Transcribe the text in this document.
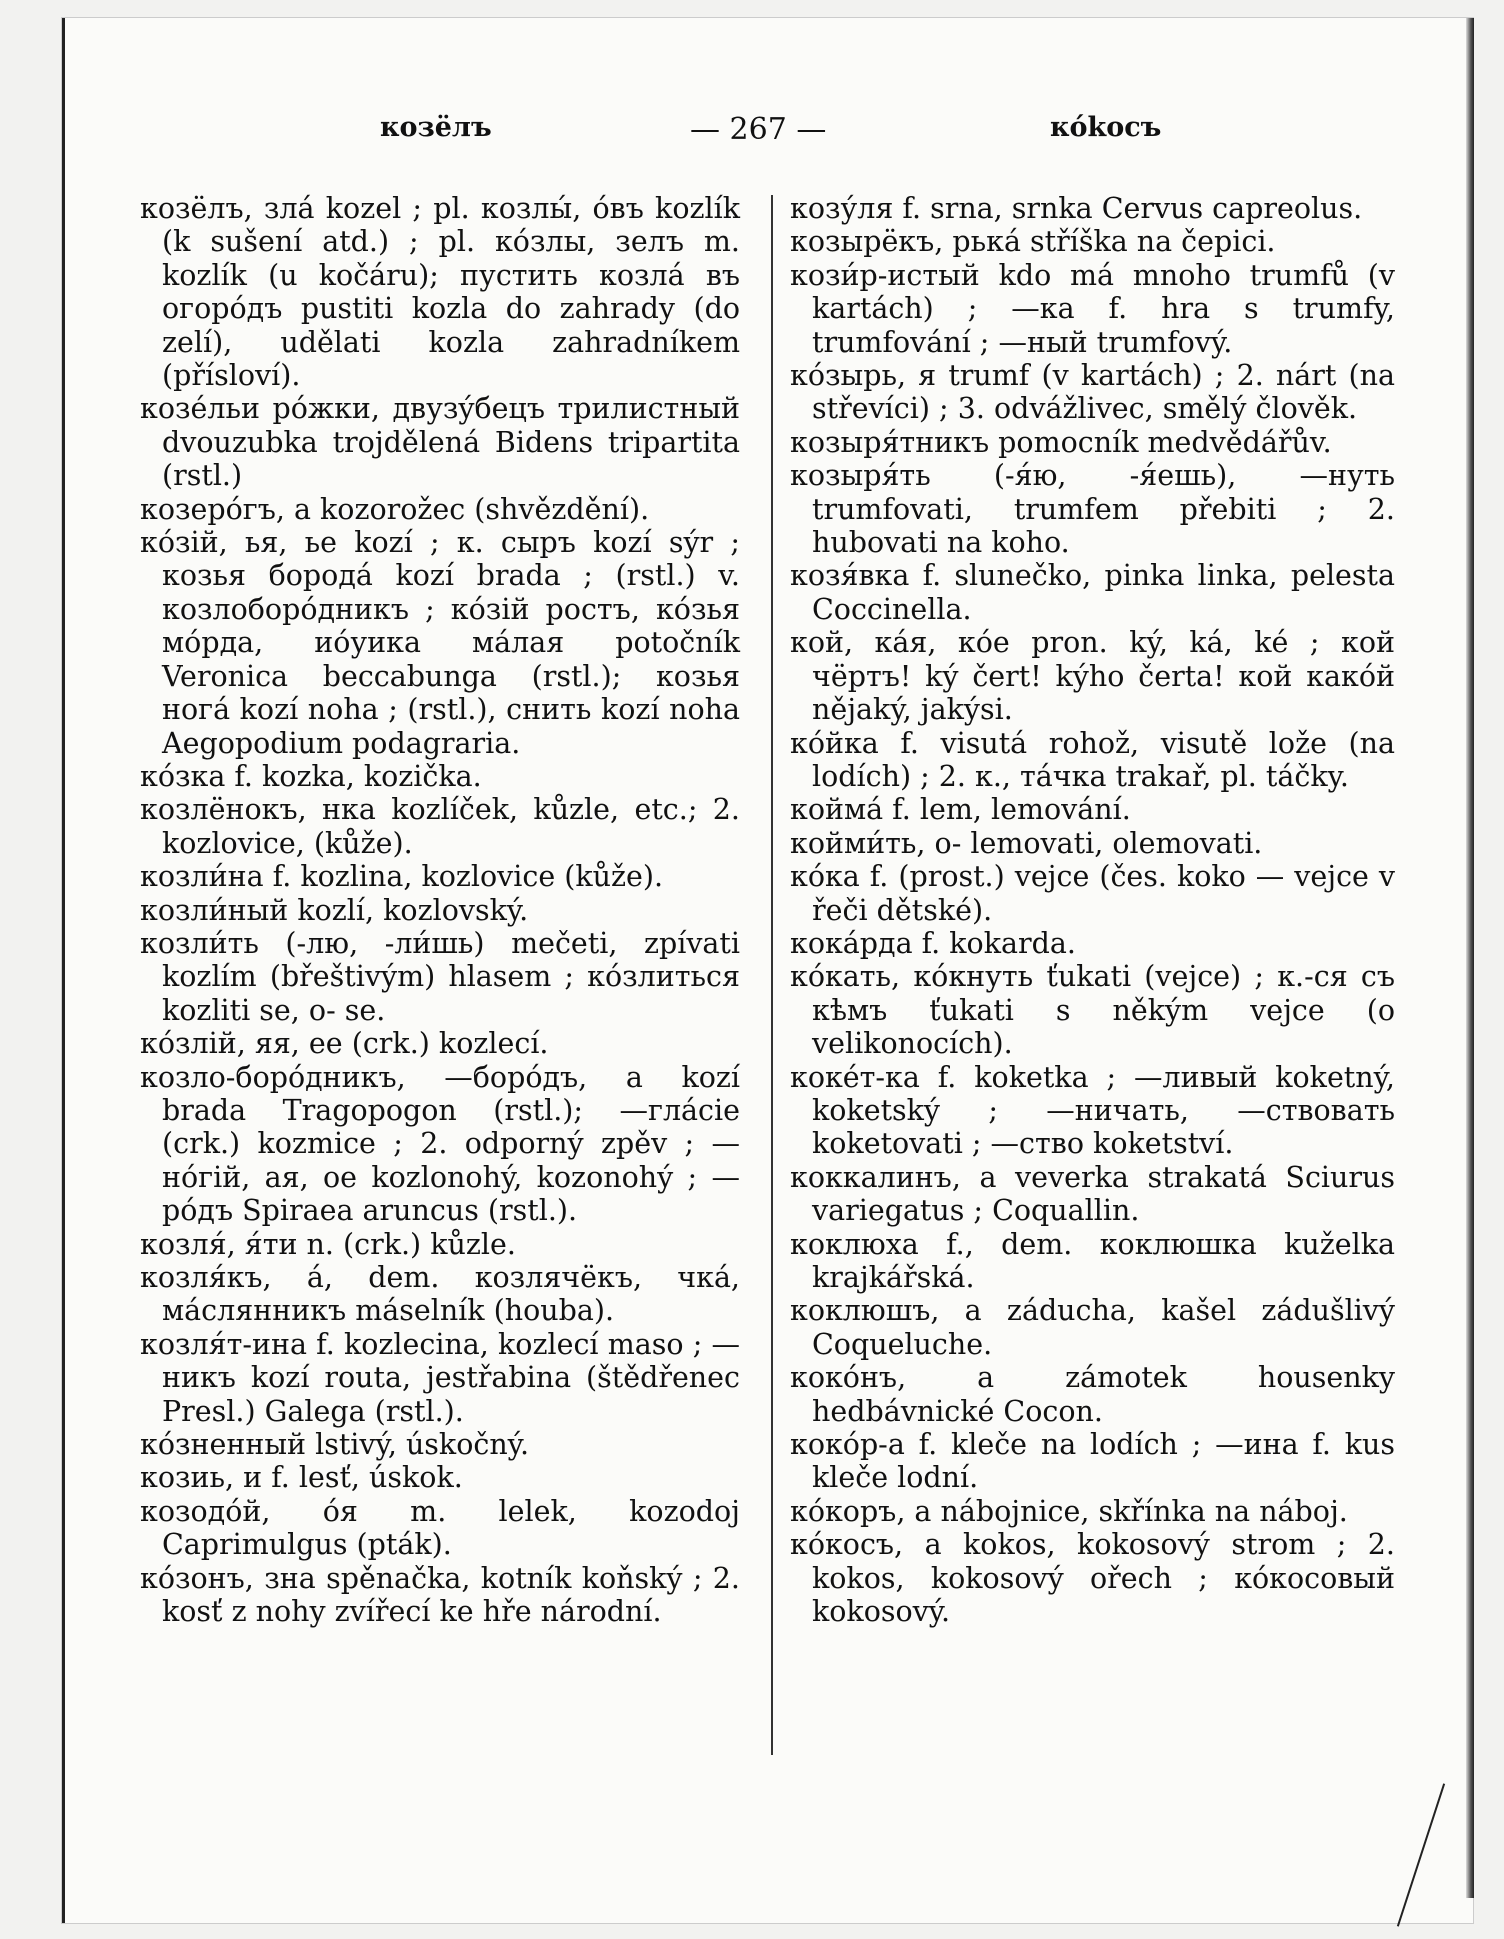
козёлъ	— 267 —	кókocъ

козёлъ, злá kozel ; pl. козлы́, óвъ kozlík (k sušení atd.) ; pl. кóзлы, зелъ m. kozlík (u kočáru); пустить козлá въ огорóдъ pustiti kozla do zahrady (do zelí), udělati kozla zahradníkem (přísloví).

козéльи рóжки, двузýбецъ трилистный dvouzubka trojdělená Bidens tripartita (rstl.)

козерóгъ, а kozorožec (shvězdění).

кóзій, ья, ье kozí ; к. сыръ kozí sýr ; козья бородá kozí brada ; (rstl.) v. козлобopóдникъ ; кóзій ростъ, кóзья мóрда, иóуика мáлая potočník Veronica beccabunga (rstl.); козья ногá kozí noha ; (rstl.), снить kozí noha Aegopodium podagraria.

кóзка f. kozka, kozička.

козлёнокъ, нка kozlíček, kůzle, etc.; 2. kozlovice, (kůže).

козли́на f. kozlina, kozlovice (kůže).

козли́ный kozlí, kozlovský.

козли́ть (-лю, -ли́шь) mečeti, zpívati kozlím (břeštivým) hlasem ; кóзлиться kozliti se, o- se.

кóзлій, яя, ее (crk.) kozlecí.

козло-борóдникъ, —борóдъ, a kozí brada Tragopogon (rstl.); —глáсіе (crk.) kozmice ; 2. odporný zpěv ; —нóгій, ая, ое kozlonohý, kozonohý ; —рóдъ Spiraea aruncus (rstl.).

козля́, я́ти n. (crk.) kůzle.

козля́къ, á, dem. козлячёкъ, чкá, мáслянникъ máselník (houba).

козля́т-ина f. kozlecina, kozlecí maso ; —никъ kozí routa, jestřabina (štědřenec Presl.) Galega (rstl.).

кóзненный lstivý, úskočný.

козиь, и f. lesť, úskok.

козодóй, óя m. lelek, kozodoj Caprimulgus (pták).

кóзонъ, зна spěnačka, kotník koňský ; 2. kosť z nohy zvířecí ke hře národní.

козу́ля f. srna, srnka Cervus capreolus.

козырёкъ, рькá stříška na čepici.

кози́р-истый kdo má mnoho trumfů (v kartách) ; —ка f. hra s trumfy, trumfování ; —ный trumfový.

кóзырь, я trumf (v kartách) ; 2. nárt (na střevíci) ; 3. odvážlivec, smělý člověk.

козыря́тникъ pomocník medvědářův.

козыря́ть (-я́ю, -я́ешь), —нуть trumfovati, trumfem přebiti ; 2. hubovati na koho.

козя́вка f. slunečko, pinka linka, pelesta Coccinella.

кой, кáя, кóе pron. ký, ká, ké ; кой чёртъ! ký čert! kýho čerta! кой какóй nějaký, jakýsi.

кóйка f. visutá rohož, visutě lože (na lodích) ; 2. к., тáчка trakař, pl. táčky.

коймá f. lem, lemování.

койми́ть, о- lemovati, olemovati.

кóка f. (prost.) vejce (čes. koko — vejce v řeči dětské).

кокáрда f. kokarda.

кóкать, кóкнуть ťukati (vejce) ; к.-ся съ кѣмъ ťukati s někým vejce (o velikonocích).

кокéт-ка f. koketka ; —ливый koketný, koketský ; —ничать, —ствовать koketovati ; —ство koketství.

коккалинъ, а veverka strakatá Sciurus variegatus ; Coquallin.

коклюха f., dem. коклюшка kuželka krajkářská.

коклюшъ, а záducha, kašel zádušlivý Coqueluche.

кокóнъ, а zámotek housenky hedbávnické Cocon.

кокóр-а f. kleče na lodích ; —ина f. kus kleče lodní.

кóкоръ, а nábojnice, skřínka na nábој.

кóкосъ, а kokos, kokosový strom ; 2. kokos, kokosový ořech ; кóкосовый kokosový.
